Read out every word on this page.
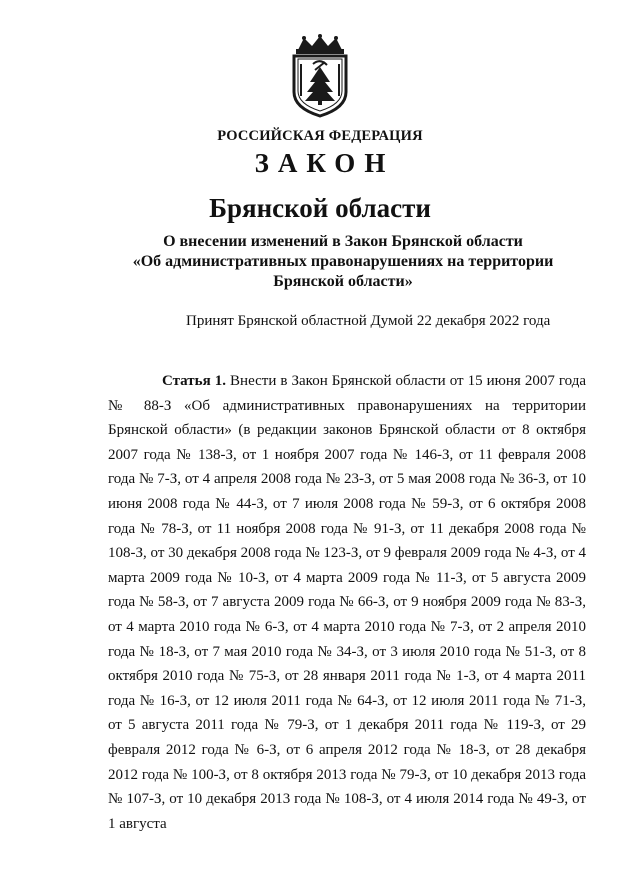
РОССИЙСКАЯ ФЕДЕРАЦИЯ
ЗАКОН
Брянской области
О внесении изменений в Закон Брянской области
«Об административных правонарушениях на территории
Брянской области»
Принят Брянской областной Думой 22 декабря 2022 года

Статья 1. Внести в Закон Брянской области от 15 июня 2007 года № 88-З «Об административных правонарушениях на территории Брянской области» (в редакции законов Брянской области от 8 октября 2007 года № 138-З, от 1 ноября 2007 года № 146-З, от 11 февраля 2008 года № 7-З, от 4 апреля 2008 года № 23-З, от 5 мая 2008 года № 36-З, от 10 июня 2008 года № 44-З, от 7 июля 2008 года № 59-З, от 6 октября 2008 года № 78-З, от 11 ноября 2008 года № 91-З, от 11 декабря 2008 года № 108-З, от 30 декабря 2008 года № 123-З, от 9 февраля 2009 года № 4-З, от 4 марта 2009 года № 10-З, от 4 марта 2009 года № 11-З, от 5 августа 2009 года № 58-З, от 7 августа 2009 года № 66-З, от 9 ноября 2009 года № 83-З, от 4 марта 2010 года № 6-З, от 4 марта 2010 года № 7-З, от 2 апреля 2010 года № 18-З, от 7 мая 2010 года № 34-З, от 3 июля 2010 года № 51-З, от 8 октября 2010 года № 75-З, от 28 января 2011 года № 1-З, от 4 марта 2011 года № 16-З, от 12 июля 2011 года № 64-З, от 12 июля 2011 года № 71-З, от 5 августа 2011 года № 79-З, от 1 декабря 2011 года № 119-З, от 29 февраля 2012 года № 6-З, от 6 апреля 2012 года № 18-З, от 28 декабря 2012 года № 100-З, от 8 октября 2013 года № 79-З, от 10 декабря 2013 года № 107-З, от 10 декабря 2013 года № 108-З, от 4 июля 2014 года № 49-З, от 1 августа
